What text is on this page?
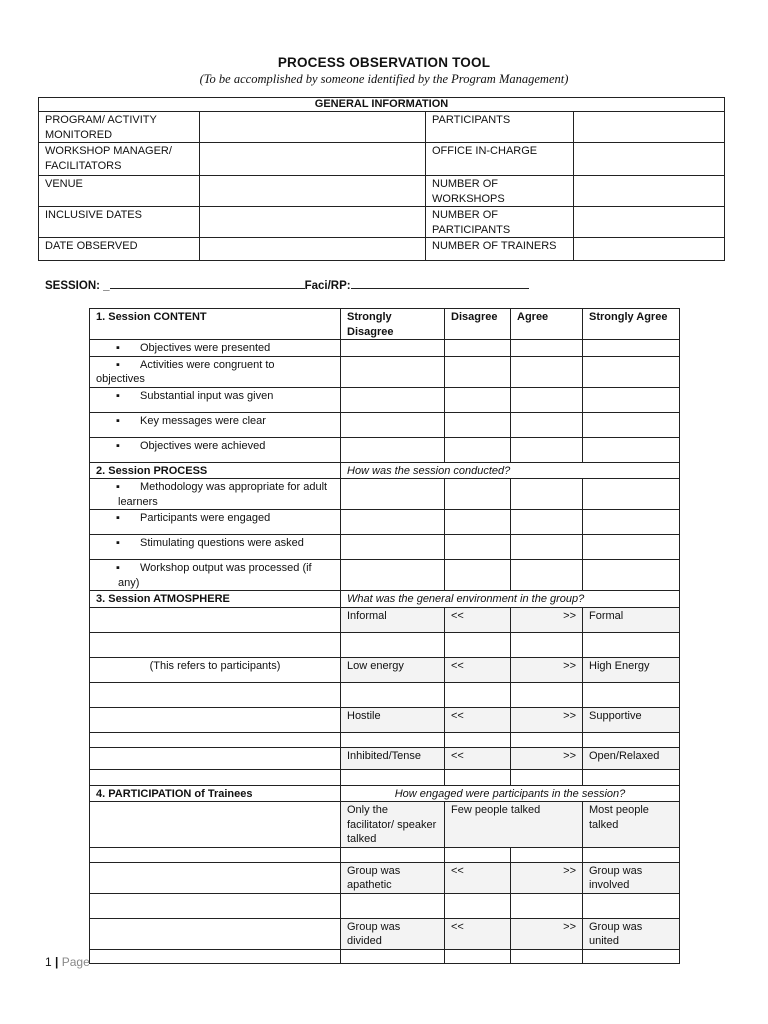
PROCESS OBSERVATION TOOL
(To be accomplished by someone identified by the Program Management)
GENERAL INFORMATION			
PROGRAM/ ACTIVITY MONITORED		PARTICIPANTS	
WORKSHOP MANAGER/ FACILITATORS		OFFICE IN-CHARGE	
VENUE		NUMBER OF WORKSHOPS	
INCLUSIVE DATES		NUMBER OF PARTICIPANTS	
DATE OBSERVED		NUMBER OF TRAINERS	
SESSION: _	Faci/RP:
1. Session CONTENT	Strongly Disagree	Disagree	Agree	Strongly Agree
▪ Objectives were presented				
▪ Activities were congruent to
objectives				
▪ Substantial input was given				
▪ Key messages were clear				
▪ Objectives were achieved				
2. Session PROCESS	How was the session conducted?			
▪ Methodology was appropriate for adult learners				
▪ Participants were engaged				
▪ Stimulating questions were asked				
▪ Workshop output was processed (if any)				
3. Session ATMOSPHERE	What was the general environment in the group?			
	Informal	<<	>>	Formal

(This refers to participants)	Low energy	<<	>>	High Energy

	Hostile	<<	>>	Supportive

	Inhibited/Tense	<<	>>	Open/Relaxed

4. PARTICIPATION of Trainees	How engaged were participants in the session?			
	Only the facilitator/ speaker talked	Few people talked		Most people talked

	Group was apathetic	<<	>>	Group was involved

	Group was divided	<<	>>	Group was united

1 | Page
